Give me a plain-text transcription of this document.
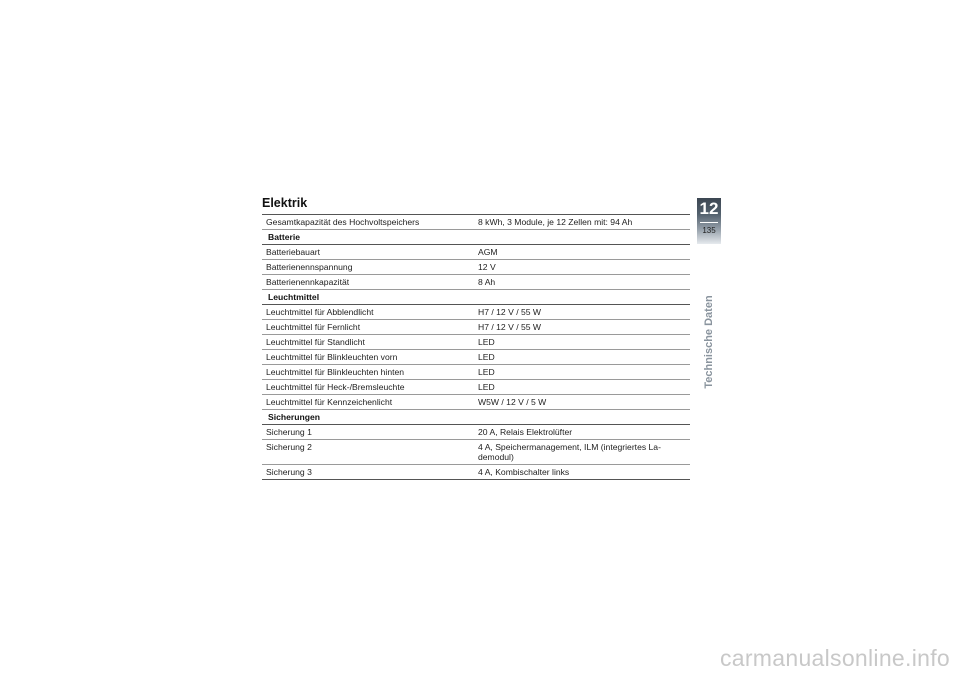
Elektrik
Gesamtkapazität des Hochvoltspeichers	8 kWh, 3 Module, je 12 Zellen mit: 94 Ah
Batterie
Batteriebauart	AGM
Batterienennspannung	12 V
Batterienennkapazität	8 Ah
Leuchtmittel
Leuchtmittel für Abblendlicht	H7 / 12 V / 55 W
Leuchtmittel für Fernlicht	H7 / 12 V / 55 W
Leuchtmittel für Standlicht	LED
Leuchtmittel für Blinkleuchten vorn	LED
Leuchtmittel für Blinkleuchten hinten	LED
Leuchtmittel für Heck-/Bremsleuchte	LED
Leuchtmittel für Kennzeichenlicht	W5W / 12 V / 5 W
Sicherungen
Sicherung 1	20 A, Relais Elektrolüfter
Sicherung 2	4 A, Speichermanagement, ILM (integriertes La-
demodul)
Sicherung 3	4 A, Kombischalter links
12
135
Technische Daten
carmanualsonline.info
